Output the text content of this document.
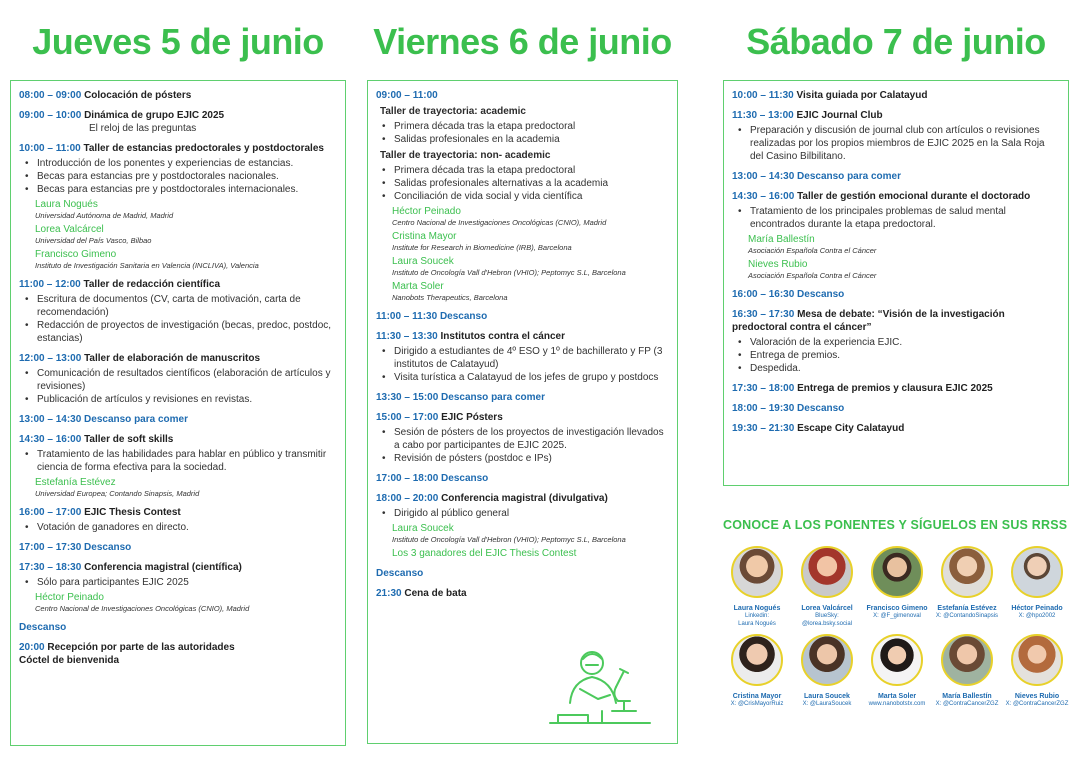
Jueves 5 de junio
08:00 – 09:00 Colocación de pósters
09:00 – 10:00 Dinámica de grupo EJIC 2025
El reloj de las preguntas
10:00 – 11:00 Taller de estancias predoctorales y postdoctorales
• Introducción de los ponentes y experiencias de estancias.
• Becas para estancias pre y postdoctorales nacionales.
• Becas para estancias pre y postdoctorales internacionales.
Laura Nogués
Universidad Autónoma de Madrid, Madrid
Lorea Valcárcel
Universidad del País Vasco, Bilbao
Francisco Gimeno
Instituto de Investigación Sanitaria en Valencia (INCLIVA), Valencia
11:00 – 12:00 Taller de redacción científica
• Escritura de documentos (CV, carta de motivación, carta de recomendación)
• Redacción de proyectos de investigación (becas, predoc, postdoc, estancias)
12:00 – 13:00 Taller de elaboración de manuscritos
• Comunicación de resultados científicos (elaboración de artículos y revisiones)
• Publicación de artículos y revisiones en revistas.
13:00 – 14:30 Descanso para comer
14:30 – 16:00 Taller de soft skills
• Tratamiento de las habilidades para hablar en público y transmitir ciencia de forma efectiva para la sociedad.
Estefanía Estévez
Universidad Europea; Contando Sinapsis, Madrid
16:00 – 17:00 EJIC Thesis Contest
• Votación de ganadores en directo.
17:00 – 17:30 Descanso
17:30 – 18:30 Conferencia magistral (científica)
• Sólo para participantes EJIC 2025
Héctor Peinado
Centro Nacional de Investigaciones Oncológicas (CNIO), Madrid
Descanso
20:00 Recepción por parte de las autoridades
Cóctel de bienvenida
Viernes 6 de junio
09:00 – 11:00
Taller de trayectoria: academic
• Primera década tras la etapa predoctoral
• Salidas profesionales en la academia
Taller de trayectoria: non- academic
• Primera década tras la etapa predoctoral
• Salidas profesionales alternativas a la academia
• Conciliación de vida social y vida científica
Héctor Peinado
Centro Nacional de Investigaciones Oncológicas (CNIO), Madrid
Cristina Mayor
Institute for Research in Biomedicine (IRB), Barcelona
Laura Soucek
Instituto de Oncología Vall d'Hebron (VHIO); Peptomyc S.L, Barcelona
Marta Soler
Nanobots Therapeutics, Barcelona
11:00 – 11:30 Descanso
11:30 – 13:30 Institutos contra el cáncer
• Dirigido a estudiantes de 4º ESO y 1º de bachillerato y FP (3 institutos de Calatayud)
• Visita turística a Calatayud de los jefes de grupo y postdocs
13:30 – 15:00 Descanso para comer
15:00 – 17:00 EJIC Pósters
• Sesión de pósters de los proyectos de investigación llevados a cabo por participantes de EJIC 2025.
• Revisión de pósters (postdoc e IPs)
17:00 – 18:00 Descanso
18:00 – 20:00 Conferencia magistral (divulgativa)
• Dirigido al público general
Laura Soucek
Instituto de Oncología Vall d'Hebron (VHIO); Peptomyc S.L, Barcelona
Los 3 ganadores del EJIC Thesis Contest
Descanso
21:30 Cena de bata
Sábado 7 de junio
10:00 – 11:30 Visita guiada por Calatayud
11:30 – 13:00 EJIC Journal Club
• Preparación y discusión de journal club con artículos o revisiones realizadas por los propios miembros de EJIC 2025 en la Sala Roja del Casino Bilbilitano.
13:00 – 14:30 Descanso para comer
14:30 – 16:00 Taller de gestión emocional durante el doctorado
• Tratamiento de los principales problemas de salud mental encontrados durante la etapa predoctoral.
María Ballestín
Asociación Española Contra el Cáncer
Nieves Rubio
Asociación Española Contra el Cáncer
16:00 – 16:30 Descanso
16:30 – 17:30 Mesa de debate: “Visión de la investigación predoctoral contra el cáncer”
• Valoración de la experiencia EJIC.
• Entrega de premios.
• Despedida.
17:30 – 18:00 Entrega de premios y clausura EJIC 2025
18:00 – 19:30 Descanso
19:30 – 21:30 Escape City Calatayud
CONOCE A LOS PONENTES Y SÍGUELOS EN SUS RRSS
Laura Nogués
Linkedin:
Laura Nogués
Lorea Valcárcel
BlueSky:
@lorea.bsky.social
Francisco Gimeno
X: @F_gimenoval
Estefanía Estévez
X: @ContandoSinapsis
Héctor Peinado
X: @hpo2002
Cristina Mayor
X: @CrisMayorRuiz
Laura Soucek
X: @LauraSoucek
Marta Soler
www.nanobotstx.com
María Ballestín
X: @ContraCancerZGZ
Nieves Rubio
X: @ContraCancerZGZ
